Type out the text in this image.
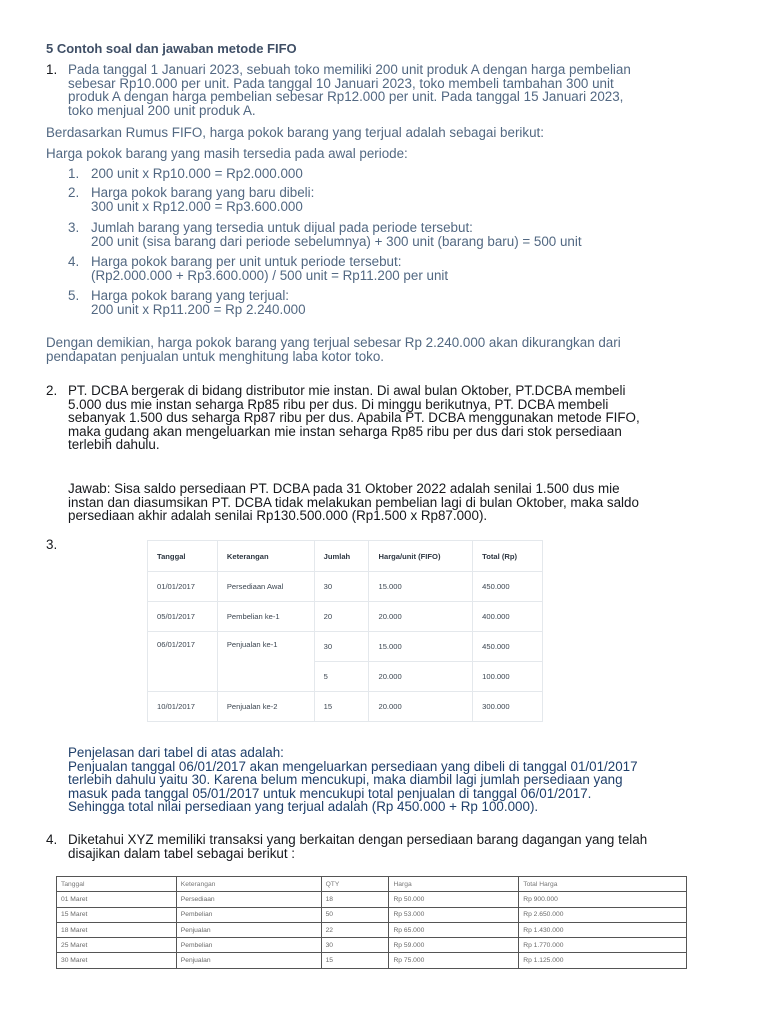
5 Contoh soal dan jawaban metode FIFO
1. Pada tanggal 1 Januari 2023, sebuah toko memiliki 200 unit produk A dengan harga pembelian
sebesar Rp10.000 per unit. Pada tanggal 10 Januari 2023, toko membeli tambahan 300 unit
produk A dengan harga pembelian sebesar Rp12.000 per unit. Pada tanggal 15 Januari 2023,
toko menjual 200 unit produk A.
Berdasarkan Rumus FIFO, harga pokok barang yang terjual adalah sebagai berikut:
Harga pokok barang yang masih tersedia pada awal periode:
1. 200 unit x Rp10.000 = Rp2.000.000
2. Harga pokok barang yang baru dibeli:
300 unit x Rp12.000 = Rp3.600.000
3. Jumlah barang yang tersedia untuk dijual pada periode tersebut:
200 unit (sisa barang dari periode sebelumnya) + 300 unit (barang baru) = 500 unit
4. Harga pokok barang per unit untuk periode tersebut:
(Rp2.000.000 + Rp3.600.000) / 500 unit = Rp11.200 per unit
5. Harga pokok barang yang terjual:
200 unit x Rp11.200 = Rp 2.240.000
Dengan demikian, harga pokok barang yang terjual sebesar Rp 2.240.000 akan dikurangkan dari
pendapatan penjualan untuk menghitung laba kotor toko.
2. PT. DCBA bergerak di bidang distributor mie instan. Di awal bulan Oktober, PT.DCBA membeli
5.000 dus mie instan seharga Rp85 ribu per dus. Di minggu berikutnya, PT. DCBA membeli
sebanyak 1.500 dus seharga Rp87 ribu per dus. Apabila PT. DCBA menggunakan metode FIFO,
maka gudang akan mengeluarkan mie instan seharga Rp85 ribu per dus dari stok persediaan
terlebih dahulu.
Jawab: Sisa saldo persediaan PT. DCBA pada 31 Oktober 2022 adalah senilai 1.500 dus mie
instan dan diasumsikan PT. DCBA tidak melakukan pembelian lagi di bulan Oktober, maka saldo
persediaan akhir adalah senilai Rp130.500.000 (Rp1.500 x Rp87.000).
3.
Tanggal	Keterangan	Jumlah	Harga/unit (FIFO)	Total (Rp)
01/01/2017	Persediaan Awal	30	15.000	450.000
05/01/2017	Pembelian ke-1	20	20.000	400.000
06/01/2017	Penjualan ke-1	30	15.000	450.000
		5	20.000	100.000
10/01/2017	Penjualan ke-2	15	20.000	300.000
Penjelasan dari tabel di atas adalah:
Penjualan tanggal 06/01/2017 akan mengeluarkan persediaan yang dibeli di tanggal 01/01/2017
terlebih dahulu yaitu 30. Karena belum mencukupi, maka diambil lagi jumlah persediaan yang
masuk pada tanggal 05/01/2017 untuk mencukupi total penjualan di tanggal 06/01/2017.
Sehingga total nilai persediaan yang terjual adalah (Rp 450.000 + Rp 100.000).
4. Diketahui XYZ memiliki transaksi yang berkaitan dengan persediaan barang dagangan yang telah
disajikan dalam tabel sebagai berikut :
Tanggal	Keterangan	QTY	Harga	Total Harga
01 Maret	Persediaan	18	Rp 50.000	Rp 900.000
15 Maret	Pembelian	50	Rp 53.000	Rp 2.650.000
18 Maret	Penjualan	22	Rp 65.000	Rp 1.430.000
25 Maret	Pembelian	30	Rp 59.000	Rp 1.770.000
30 Maret	Penjualan	15	Rp 75.000	Rp 1.125.000
